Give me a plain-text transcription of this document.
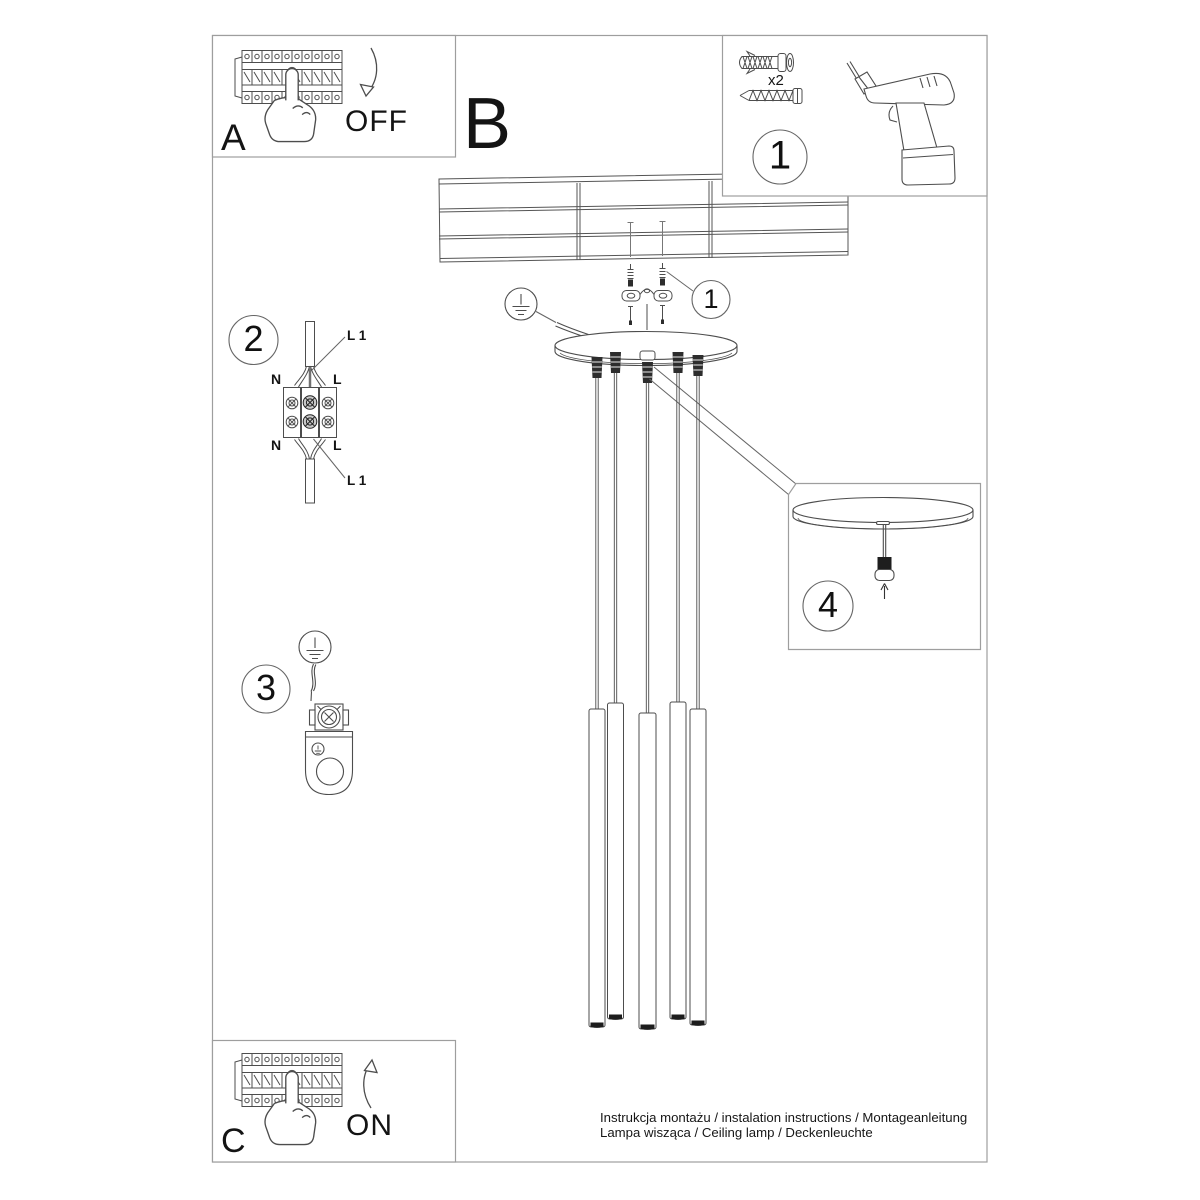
A	OFF B
x2
1
1
2
3
4
L 1
N	L
N	L
L 1
C	ON	Instrukcja montażu / instalation instructions / Montageanleitung
Lampa wisząca / Ceiling lamp / Deckenleuchte
